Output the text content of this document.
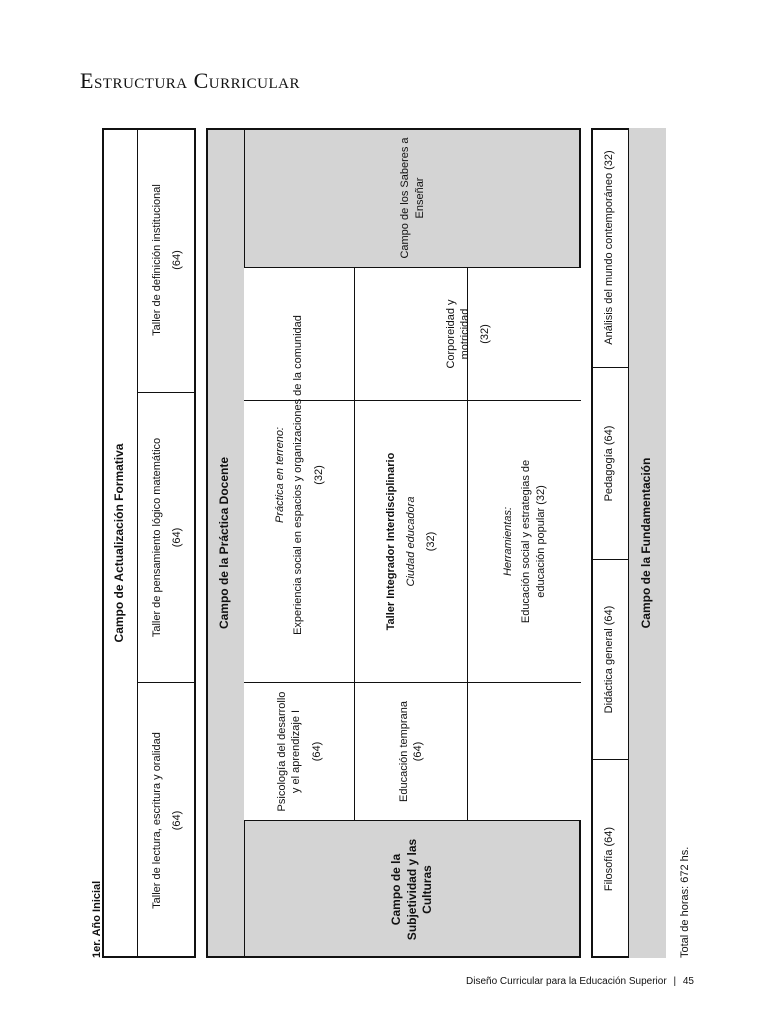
Estructura Curricular
1er. Año Inicial
Campo de Actualización Formativa
Taller de lectura, escritura y oralidad (64)
Taller de pensamiento lógico matemático (64)
Taller de definición institucional (64)
Campo de la Práctica Docente
Campo de la Subjetividad y las Culturas
Campo de los Saberes a Enseñar
Psicología del desarrollo y el aprendizaje I (64)
Práctica en terreno: Experiencia social en espacios y organizaciones de la comunidad (32)
Educación temprana (64)
Taller Integrador Interdisciplinario Ciudad educadora (32)
Corporeidad y motricidad (32)
Herramientas: Educación social y estrategias de educación popular (32)	Campo de la Fundamentación
Filosofía (64)
Didáctica general (64)
Pedagogía (64)
Análisis del mundo contemporáneo (32)
Total de horas: 672 hs.
Diseño Curricular para la Educación Superior | 45
